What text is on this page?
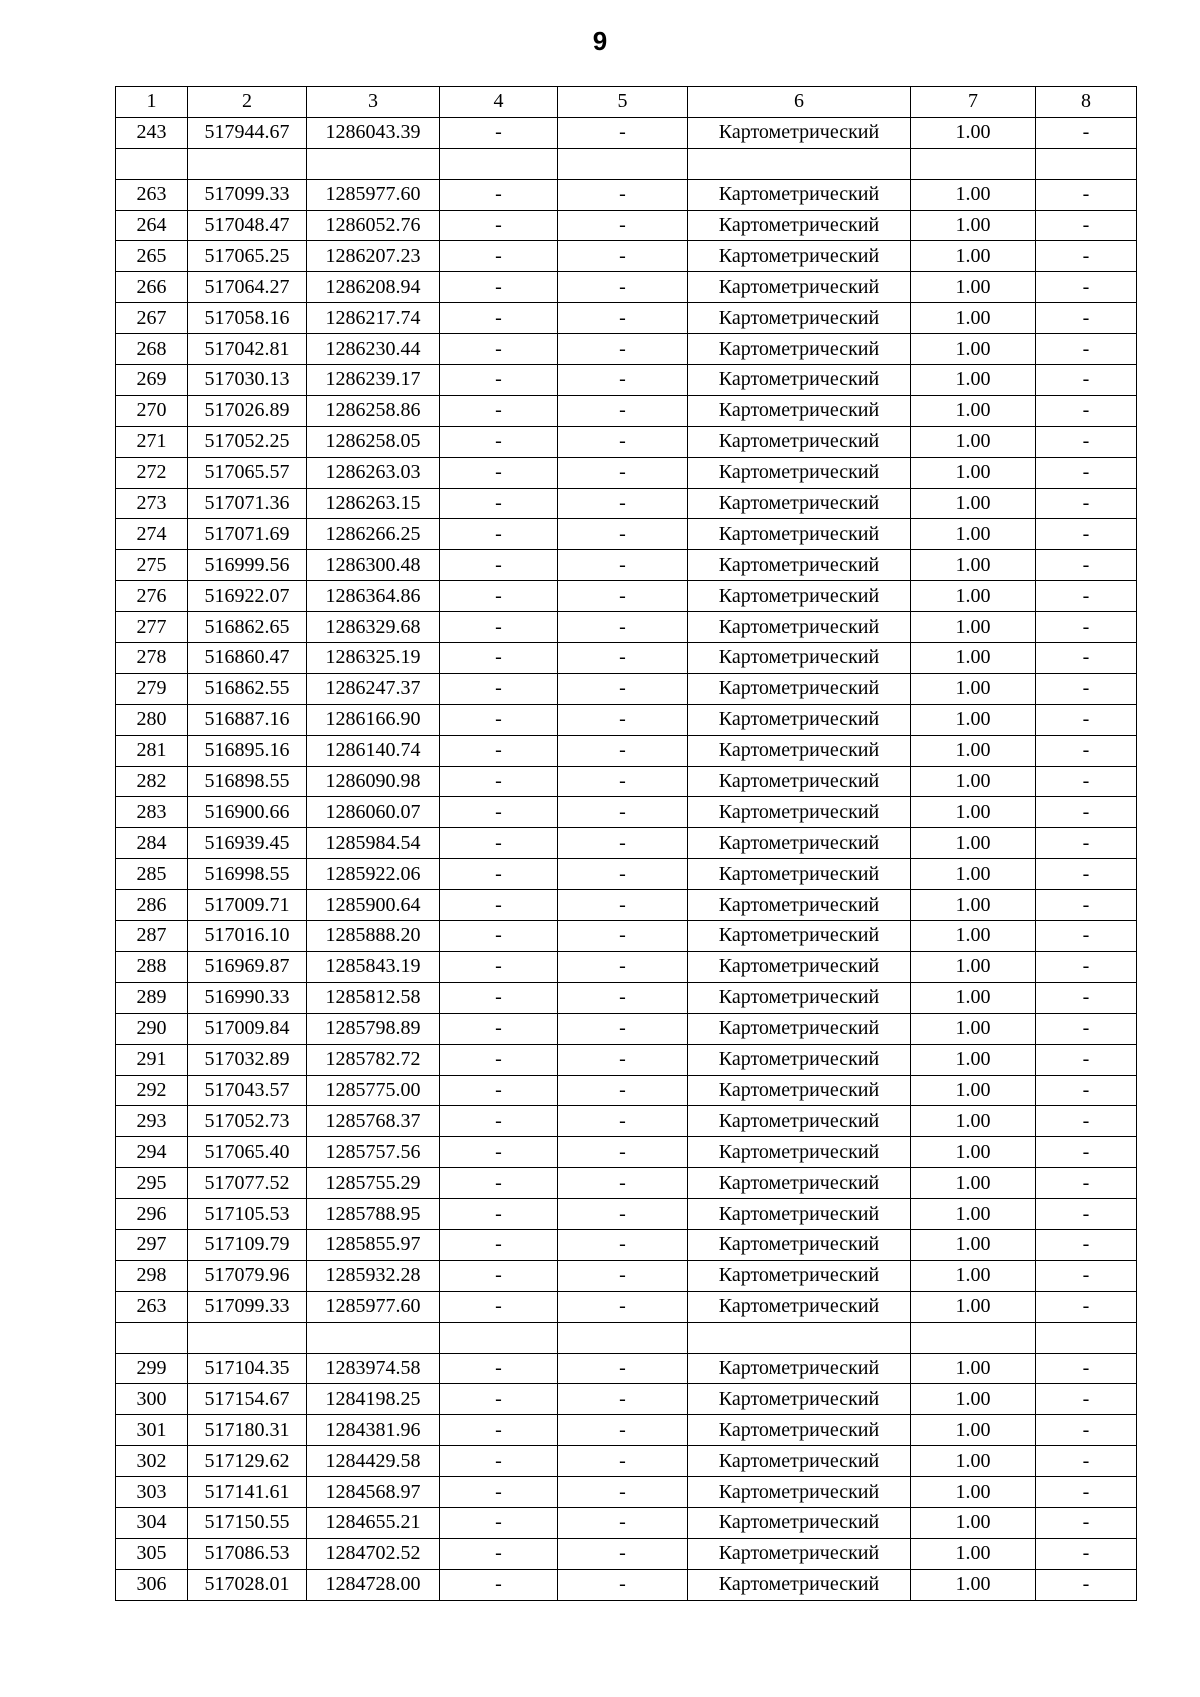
9
1	2	3	4	5	6	7	8
243	517944.67	1286043.39	-	-	Картометрический	1.00	-

263	517099.33	1285977.60	-	-	Картометрический	1.00	-
264	517048.47	1286052.76	-	-	Картометрический	1.00	-
265	517065.25	1286207.23	-	-	Картометрический	1.00	-
266	517064.27	1286208.94	-	-	Картометрический	1.00	-
267	517058.16	1286217.74	-	-	Картометрический	1.00	-
268	517042.81	1286230.44	-	-	Картометрический	1.00	-
269	517030.13	1286239.17	-	-	Картометрический	1.00	-
270	517026.89	1286258.86	-	-	Картометрический	1.00	-
271	517052.25	1286258.05	-	-	Картометрический	1.00	-
272	517065.57	1286263.03	-	-	Картометрический	1.00	-
273	517071.36	1286263.15	-	-	Картометрический	1.00	-
274	517071.69	1286266.25	-	-	Картометрический	1.00	-
275	516999.56	1286300.48	-	-	Картометрический	1.00	-
276	516922.07	1286364.86	-	-	Картометрический	1.00	-
277	516862.65	1286329.68	-	-	Картометрический	1.00	-
278	516860.47	1286325.19	-	-	Картометрический	1.00	-
279	516862.55	1286247.37	-	-	Картометрический	1.00	-
280	516887.16	1286166.90	-	-	Картометрический	1.00	-
281	516895.16	1286140.74	-	-	Картометрический	1.00	-
282	516898.55	1286090.98	-	-	Картометрический	1.00	-
283	516900.66	1286060.07	-	-	Картометрический	1.00	-
284	516939.45	1285984.54	-	-	Картометрический	1.00	-
285	516998.55	1285922.06	-	-	Картометрический	1.00	-
286	517009.71	1285900.64	-	-	Картометрический	1.00	-
287	517016.10	1285888.20	-	-	Картометрический	1.00	-
288	516969.87	1285843.19	-	-	Картометрический	1.00	-
289	516990.33	1285812.58	-	-	Картометрический	1.00	-
290	517009.84	1285798.89	-	-	Картометрический	1.00	-
291	517032.89	1285782.72	-	-	Картометрический	1.00	-
292	517043.57	1285775.00	-	-	Картометрический	1.00	-
293	517052.73	1285768.37	-	-	Картометрический	1.00	-
294	517065.40	1285757.56	-	-	Картометрический	1.00	-
295	517077.52	1285755.29	-	-	Картометрический	1.00	-
296	517105.53	1285788.95	-	-	Картометрический	1.00	-
297	517109.79	1285855.97	-	-	Картометрический	1.00	-
298	517079.96	1285932.28	-	-	Картометрический	1.00	-
263	517099.33	1285977.60	-	-	Картометрический	1.00	-

299	517104.35	1283974.58	-	-	Картометрический	1.00	-
300	517154.67	1284198.25	-	-	Картометрический	1.00	-
301	517180.31	1284381.96	-	-	Картометрический	1.00	-
302	517129.62	1284429.58	-	-	Картометрический	1.00	-
303	517141.61	1284568.97	-	-	Картометрический	1.00	-
304	517150.55	1284655.21	-	-	Картометрический	1.00	-
305	517086.53	1284702.52	-	-	Картометрический	1.00	-
306	517028.01	1284728.00	-	-	Картометрический	1.00	-
